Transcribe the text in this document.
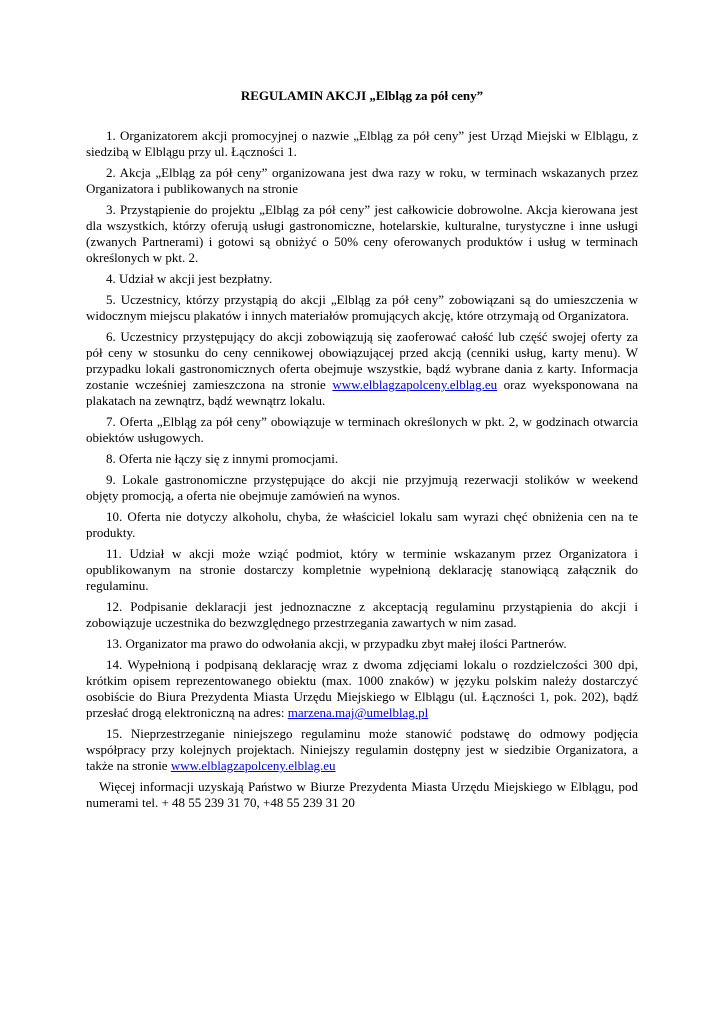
REGULAMIN AKCJI „Elbląg za pół ceny”

1. Organizatorem akcji promocyjnej o nazwie „Elbląg za pół ceny” jest Urząd Miejski w Elblągu, z siedzibą w Elblągu przy ul. Łączności 1.

2. Akcja „Elbląg za pół ceny” organizowana jest dwa razy w roku, w terminach wskazanych przez Organizatora i publikowanych na stronie

3. Przystąpienie do projektu „Elbląg za pół ceny” jest całkowicie dobrowolne. Akcja kierowana jest dla wszystkich, którzy oferują usługi gastronomiczne, hotelarskie, kulturalne, turystyczne i inne usługi (zwanych Partnerami) i gotowi są obniżyć o 50% ceny oferowanych produktów i usług w terminach określonych w pkt. 2.

4. Udział w akcji jest bezpłatny.

5. Uczestnicy, którzy przystąpią do akcji „Elbląg za pół ceny” zobowiązani są do umieszczenia w widocznym miejscu plakatów i innych materiałów promujących akcję, które otrzymają od Organizatora.

6. Uczestnicy przystępujący do akcji zobowiązują się zaoferować całość lub część swojej oferty za pół ceny w stosunku do ceny cennikowej obowiązującej przed akcją (cenniki usług, karty menu). W przypadku lokali gastronomicznych oferta obejmuje wszystkie, bądź wybrane dania z karty. Informacja zostanie wcześniej zamieszczona na stronie www.elblagzapolceny.elblag.eu oraz wyeksponowana na plakatach na zewnątrz, bądź wewnątrz lokalu.

7. Oferta „Elbląg za pół ceny” obowiązuje w terminach określonych w pkt. 2, w godzinach otwarcia obiektów usługowych.

8. Oferta nie łączy się z innymi promocjami.

9. Lokale gastronomiczne przystępujące do akcji nie przyjmują rezerwacji stolików w weekend objęty promocją, a oferta nie obejmuje zamówień na wynos.

10. Oferta nie dotyczy alkoholu, chyba, że właściciel lokalu sam wyrazi chęć obniżenia cen na te produkty.

11. Udział w akcji może wziąć podmiot, który w terminie wskazanym przez Organizatora i opublikowanym na stronie dostarczy kompletnie wypełnioną deklarację stanowiącą załącznik do regulaminu.

12. Podpisanie deklaracji jest jednoznaczne z akceptacją regulaminu przystąpienia do akcji i zobowiązuje uczestnika do bezwzględnego przestrzegania zawartych w nim zasad.

13. Organizator ma prawo do odwołania akcji, w przypadku zbyt małej ilości Partnerów.

14. Wypełnioną i podpisaną deklarację wraz z dwoma zdjęciami lokalu o rozdzielczości 300 dpi, krótkim opisem reprezentowanego obiektu (max. 1000 znaków) w języku polskim należy dostarczyć osobiście do Biura Prezydenta Miasta Urzędu Miejskiego w Elblągu (ul. Łączności 1, pok. 202), bądź przesłać drogą elektroniczną na adres: marzena.maj@umelblag.pl

15. Nieprzestrzeganie niniejszego regulaminu może stanowić podstawę do odmowy podjęcia współpracy przy kolejnych projektach. Niniejszy regulamin dostępny jest w siedzibie Organizatora, a także na stronie www.elblagzapolceny.elblag.eu

Więcej informacji uzyskają Państwo w Biurze Prezydenta Miasta Urzędu Miejskiego w Elblągu, pod numerami tel. + 48 55 239 31 70, +48 55 239 31 20
